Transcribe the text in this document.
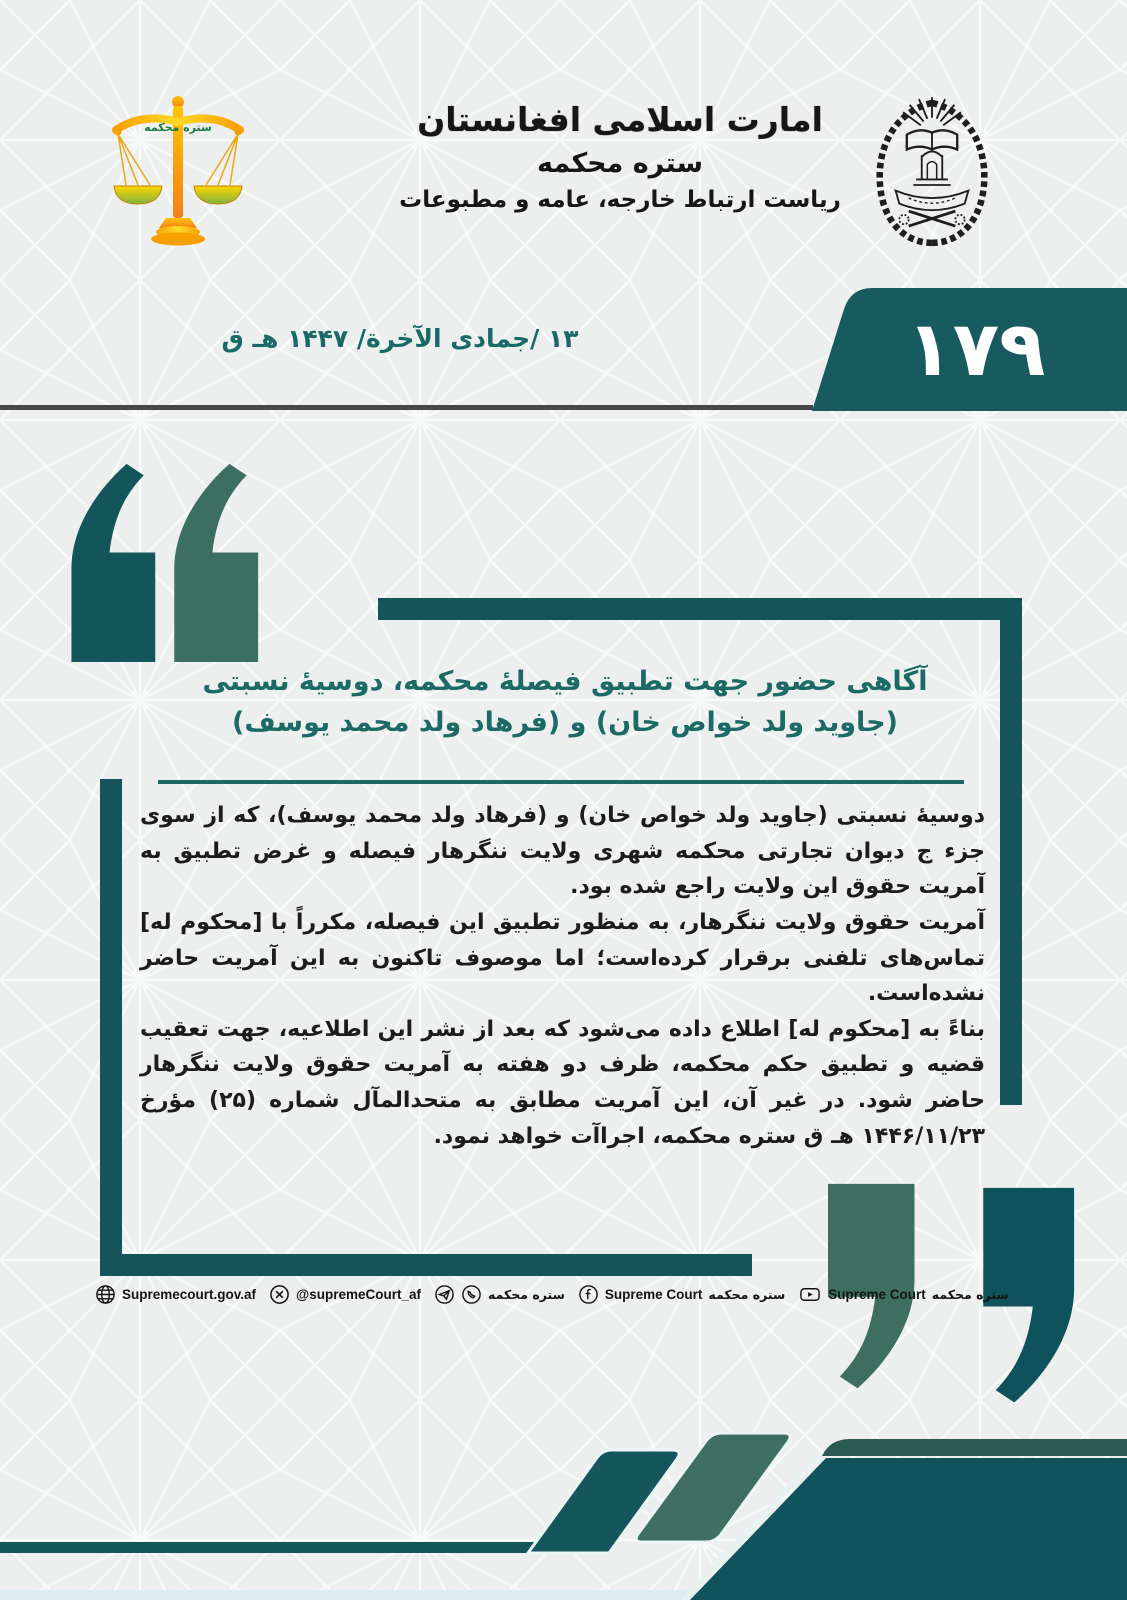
ستره محکمه	امارت اسلامی افغانستان
ستره محکمه
ریاست ارتباط خارجه، عامه و مطبوعات
۱۷۹
۱۳ /جمادی الآخرة/ ۱۴۴۷ هـ ق
آگاهی حضور جهت تطبیق فیصلۀ محکمه، دوسیۀ نسبتی (جاوید ولد خواص خان) و (فرهاد ولد محمد یوسف)

دوسیۀ نسبتی (جاوید ولد خواص خان) و (فرهاد ولد محمد یوسف)، که از سوی جزء ج دیوان تجارتی محکمه شهری ولایت ننگرهار فیصله و غرض تطبیق به آمریت حقوق این ولایت راجع شده بود.

آمریت حقوق ولایت ننگرهار، به منظور تطبیق این فیصله، مکرراً با [محکوم له] تماس‌های تلفنی برقرار کرده‌است؛ اما موصوف تاکنون به این آمریت حاضر نشده‌است.

بناءً به [محکوم له] اطلاع داده می‌شود که بعد از نشر این اطلاعیه، جهت تعقیب قضیه و تطبیق حکم محکمه، ظرف دو هفته به آمریت حقوق ولایت ننگرهار حاضر شود. در غیر آن، این آمریت مطابق به متحدالمآل شماره (۲۵) مؤرخ ۱۴۴۶/۱۱/۲۳ هـ ق ستره محکمه، اجراآت خواهد نمود.

Supremecourt.gov.af	@supremeCourt_af	ستره محکمه	Supreme Court ستره محکمه	Supreme Court ستره محکمه
